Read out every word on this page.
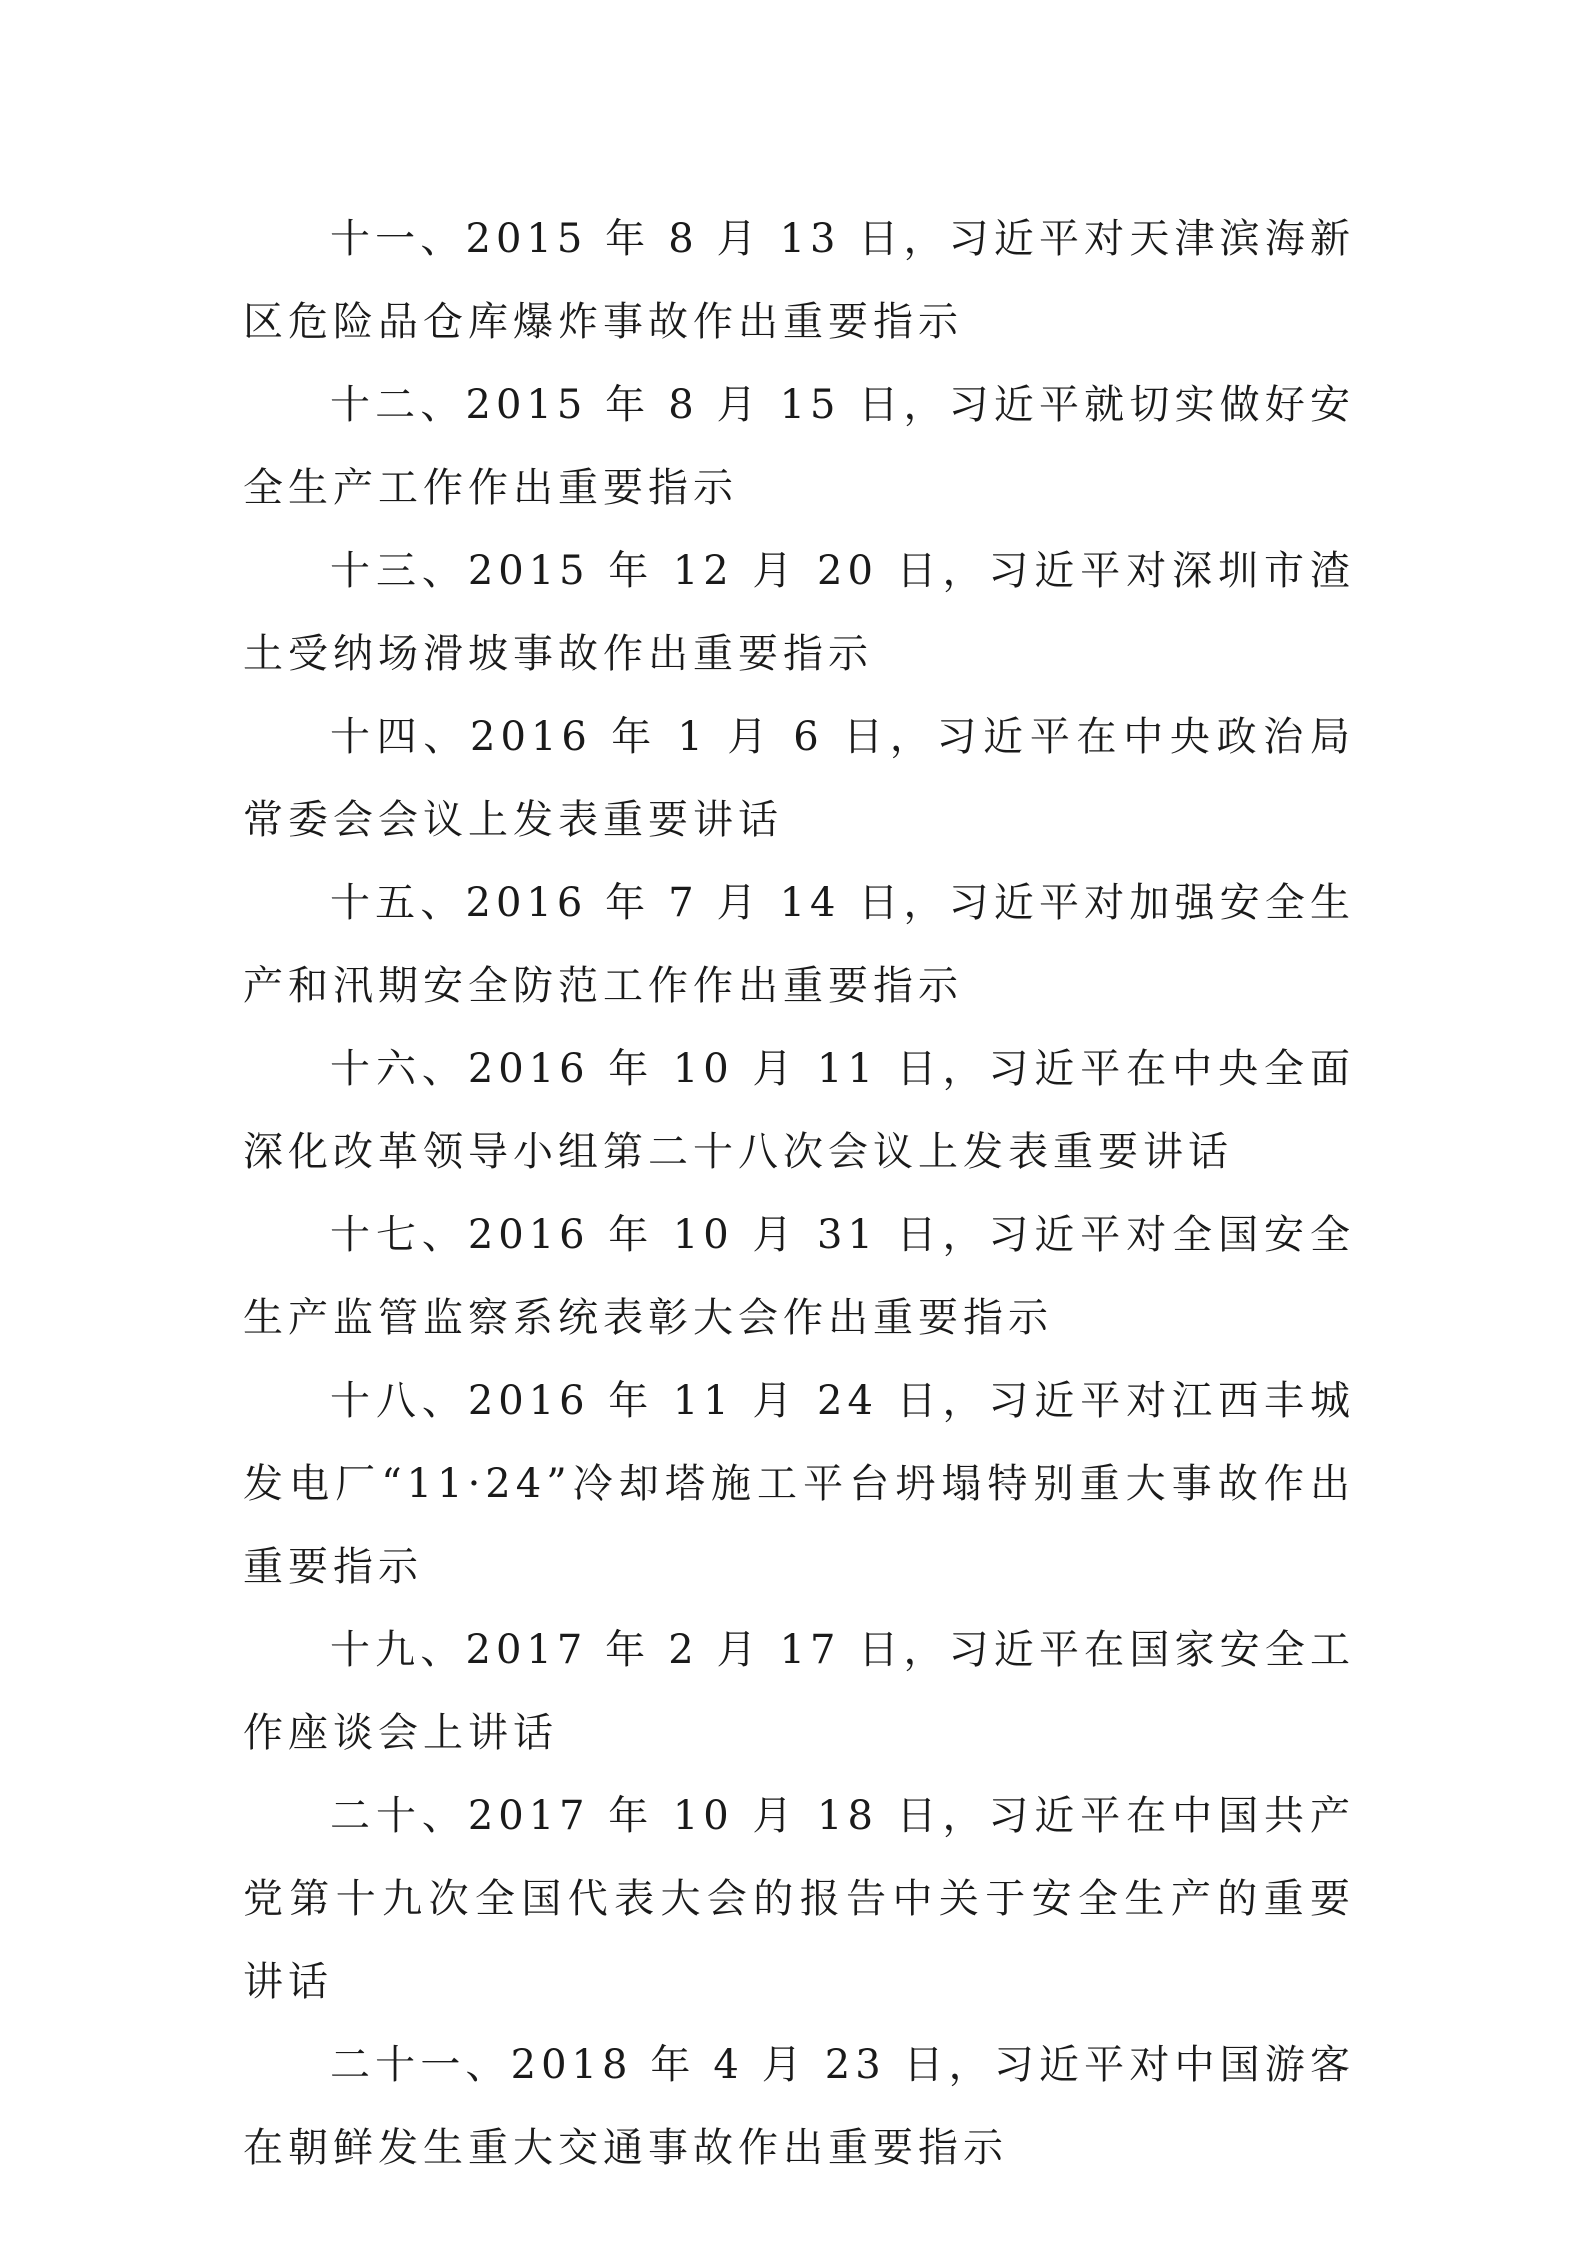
十一、2015 年 8 月 13 日，习近平对天津滨海新区危险品仓库爆炸事故作出重要指示

十二、2015 年 8 月 15 日，习近平就切实做好安全生产工作作出重要指示

十三、2015 年 12 月 20 日，习近平对深圳市渣土受纳场滑坡事故作出重要指示

十四、2016 年 1 月 6 日，习近平在中央政治局常委会会议上发表重要讲话

十五、2016 年 7 月 14 日，习近平对加强安全生产和汛期安全防范工作作出重要指示

十六、2016 年 10 月 11 日，习近平在中央全面深化改革领导小组第二十八次会议上发表重要讲话

十七、2016 年 10 月 31 日，习近平对全国安全生产监管监察系统表彰大会作出重要指示

十八、2016 年 11 月 24 日，习近平对江西丰城发电厂“11·24”冷却塔施工平台坍塌特别重大事故作出重要指示

十九、2017 年 2 月 17 日，习近平在国家安全工作座谈会上讲话

二十、2017 年 10 月 18 日，习近平在中国共产党第十九次全国代表大会的报告中关于安全生产的重要讲话

二十一、2018 年 4 月 23 日，习近平对中国游客在朝鲜发生重大交通事故作出重要指示
